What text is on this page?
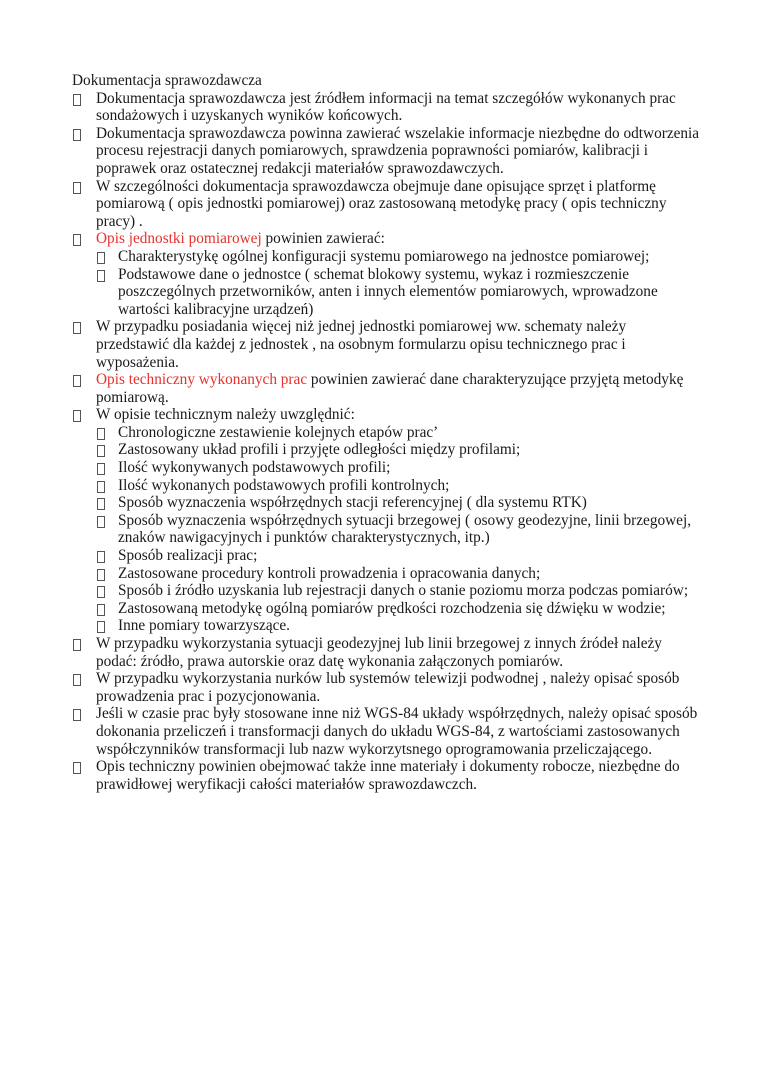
Dokumentacja sprawozdawcza

Dokumentacja sprawozdawcza jest źródłem informacji na temat szczegółów wykonanych prac sondażowych i uzyskanych wyników końcowych.
Dokumentacja sprawozdawcza powinna zawierać wszelakie informacje niezbędne do odtworzenia procesu rejestracji danych pomiarowych, sprawdzenia poprawności pomiarów, kalibracji i poprawek oraz ostatecznej redakcji materiałów sprawozdawczych.
W szczególności dokumentacja sprawozdawcza obejmuje dane opisujące sprzęt i platformę pomiarową ( opis jednostki pomiarowej) oraz zastosowaną metodykę pracy ( opis techniczny pracy) .
Opis jednostki pomiarowej powinien zawierać:
Charakterystykę ogólnej konfiguracji systemu pomiarowego na jednostce pomiarowej;
Podstawowe dane o jednostce ( schemat blokowy systemu, wykaz i rozmieszczenie poszczególnych przetworników, anten i innych elementów pomiarowych, wprowadzone wartości kalibracyjne urządzeń)
W przypadku posiadania więcej niż jednej jednostki pomiarowej ww. schematy należy przedstawić dla każdej z jednostek , na osobnym formularzu opisu technicznego prac i wyposażenia.
Opis techniczny wykonanych prac powinien zawierać dane charakteryzujące przyjętą metodykę pomiarową.
W opisie technicznym należy uwzględnić:
Chronologiczne zestawienie kolejnych etapów prac’
Zastosowany układ profili i przyjęte odległości między profilami;
Ilość wykonywanych podstawowych profili;
Ilość wykonanych podstawowych profili kontrolnych;
Sposób wyznaczenia współrzędnych stacji referencyjnej ( dla systemu RTK)
Sposób wyznaczenia współrzędnych sytuacji brzegowej ( osowy geodezyjne, linii brzegowej, znaków nawigacyjnych i punktów charakterystycznych, itp.)
Sposób realizacji prac;
Zastosowane procedury kontroli prowadzenia i opracowania danych;
Sposób i źródło uzyskania lub rejestracji danych o stanie poziomu morza podczas pomiarów;
Zastosowaną metodykę ogólną pomiarów prędkości rozchodzenia się dźwięku w wodzie;
Inne pomiary towarzyszące.
W przypadku wykorzystania sytuacji geodezyjnej lub linii brzegowej z innych źródeł należy podać: źródło, prawa autorskie oraz datę wykonania załączonych pomiarów.
W przypadku wykorzystania nurków lub systemów telewizji podwodnej , należy opisać sposób prowadzenia prac i pozycjonowania.
Jeśli w czasie prac były stosowane inne niż WGS-84 układy współrzędnych, należy opisać sposób dokonania przeliczeń i transformacji danych do układu WGS-84, z wartościami zastosowanych współczynników transformacji lub nazw wykorzytsnego oprogramowania przeliczającego.
Opis techniczny powinien obejmować także inne materiały i dokumenty robocze, niezbędne do prawidłowej weryfikacji całości materiałów sprawozdawczch.
